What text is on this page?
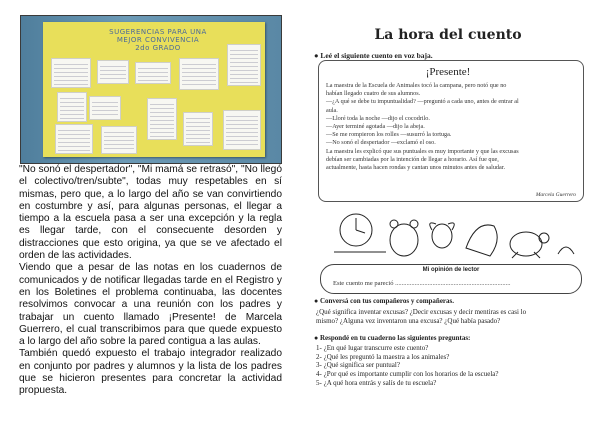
SUGERENCIAS PARA UNA
MEJOR CONVIVENCIA
2do GRADO

"No sonó el despertador", "Mi mamá se retrasó", "No llegó el colectivo/tren/subte", todas muy respetables en sí mismas, pero que, a lo largo del año se van convirtiendo en costumbre y así, para algunas personas, el llegar a tiempo a la escuela pasa a ser una excepción y la regla es llegar tarde, con el consecuente desorden y distracciones que esto origina, ya que se ve afectado el orden de las actividades.

Viendo que a pesar de las notas en los cuadernos de comunicados y de notificar llegadas tarde en el Registro y en los Boletines el problema continuaba, las docentes resolvimos convocar a una reunión con los padres y trabajar un cuento llamado ¡Presente! de Marcela Guerrero, el cual transcribimos para que quede expuesto a lo largo del año sobre la pared contigua a las aulas.

También quedó expuesto el trabajo integrador realizado en conjunto por padres y alumnos y la lista de los padres que se hicieron presentes para concretar la actividad propuesta.

La hora del cuento
● Leé el siguiente cuento en voz baja.
¡Presente!

La maestra de la Escuela de Animales tocó la campana, pero notó que no

habían llegado cuatro de sus alumnos.

—¿A qué se debe tu impuntualidad? —preguntó a cada uno, antes de entrar al

aula.

—Lloré toda la noche —dijo el cocodrilo.

—Ayer terminé agotada —dijo la abeja.

—Se me rompieron los rolles —susurró la tortuga.

—No sonó el despertador —exclamó el oso.

La maestra les explicó que sus puntuales es muy importante y que las excusas

debían ser cambiadas por la intención de llegar a horario. Así fue que,

actualmente, hasta hacen rondas y cantan unos minutos antes de saludar.

Marcela Guerrero
Mi opinión de lector
Este cuento me pareció .......................................................................
● Conversá con tus compañeros y compañeras.

¿Qué significa inventar excusas? ¿Decir excusas y decir mentiras es casi lo

mismo? ¿Alguna vez inventaron una excusa? ¿Qué había pasado?

● Respondé en tu cuaderno las siguientes preguntas:

1- ¿En qué lugar transcurre este cuento?

2- ¿Qué les preguntó la maestra a los animales?

3- ¿Qué significa ser puntual?

4- ¿Por qué es importante cumplir con los horarios de la escuela?

5- ¿A qué hora entrás y salís de tu escuela?
